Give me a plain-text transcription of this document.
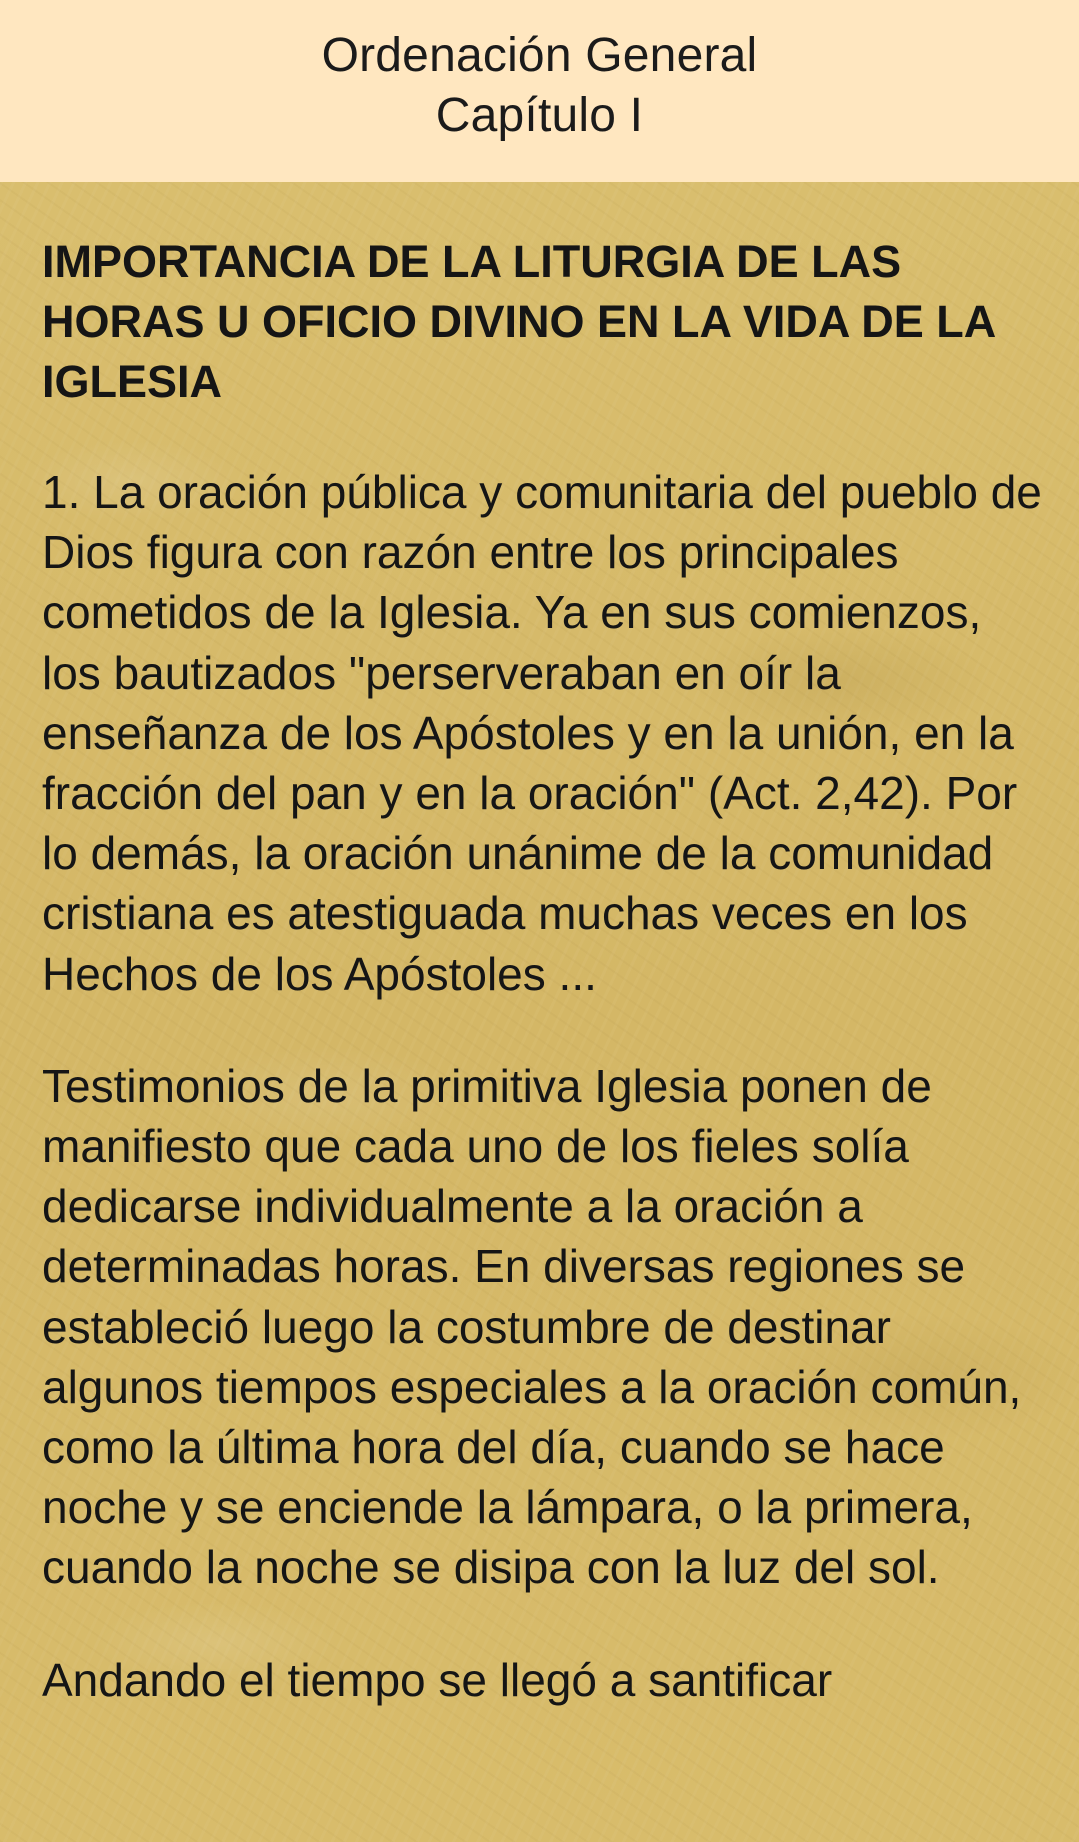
Ordenación General
Capítulo I
IMPORTANCIA DE LA LITURGIA DE LAS HORAS U OFICIO DIVINO EN LA VIDA DE LA IGLESIA

1. La oración pública y comunitaria del pueblo de Dios figura con razón entre los principales cometidos de la Iglesia. Ya en sus comienzos, los bautizados "perserveraban en oír la enseñanza de los Apóstoles y en la unión, en la fracción del pan y en la oración" (Act. 2,42). Por lo demás, la oración unánime de la comunidad cristiana es atestiguada muchas veces en los Hechos de los Apóstoles ...

Testimonios de la primitiva Iglesia ponen de manifiesto que cada uno de los fieles solía dedicarse individualmente a la oración a determinadas horas. En diversas regiones se estableció luego la costumbre de destinar algunos tiempos especiales a la oración común, como la última hora del día, cuando se hace noche y se enciende la lámpara, o la primera, cuando la noche se disipa con la luz del sol.

Andando el tiempo se llegó a santificar
